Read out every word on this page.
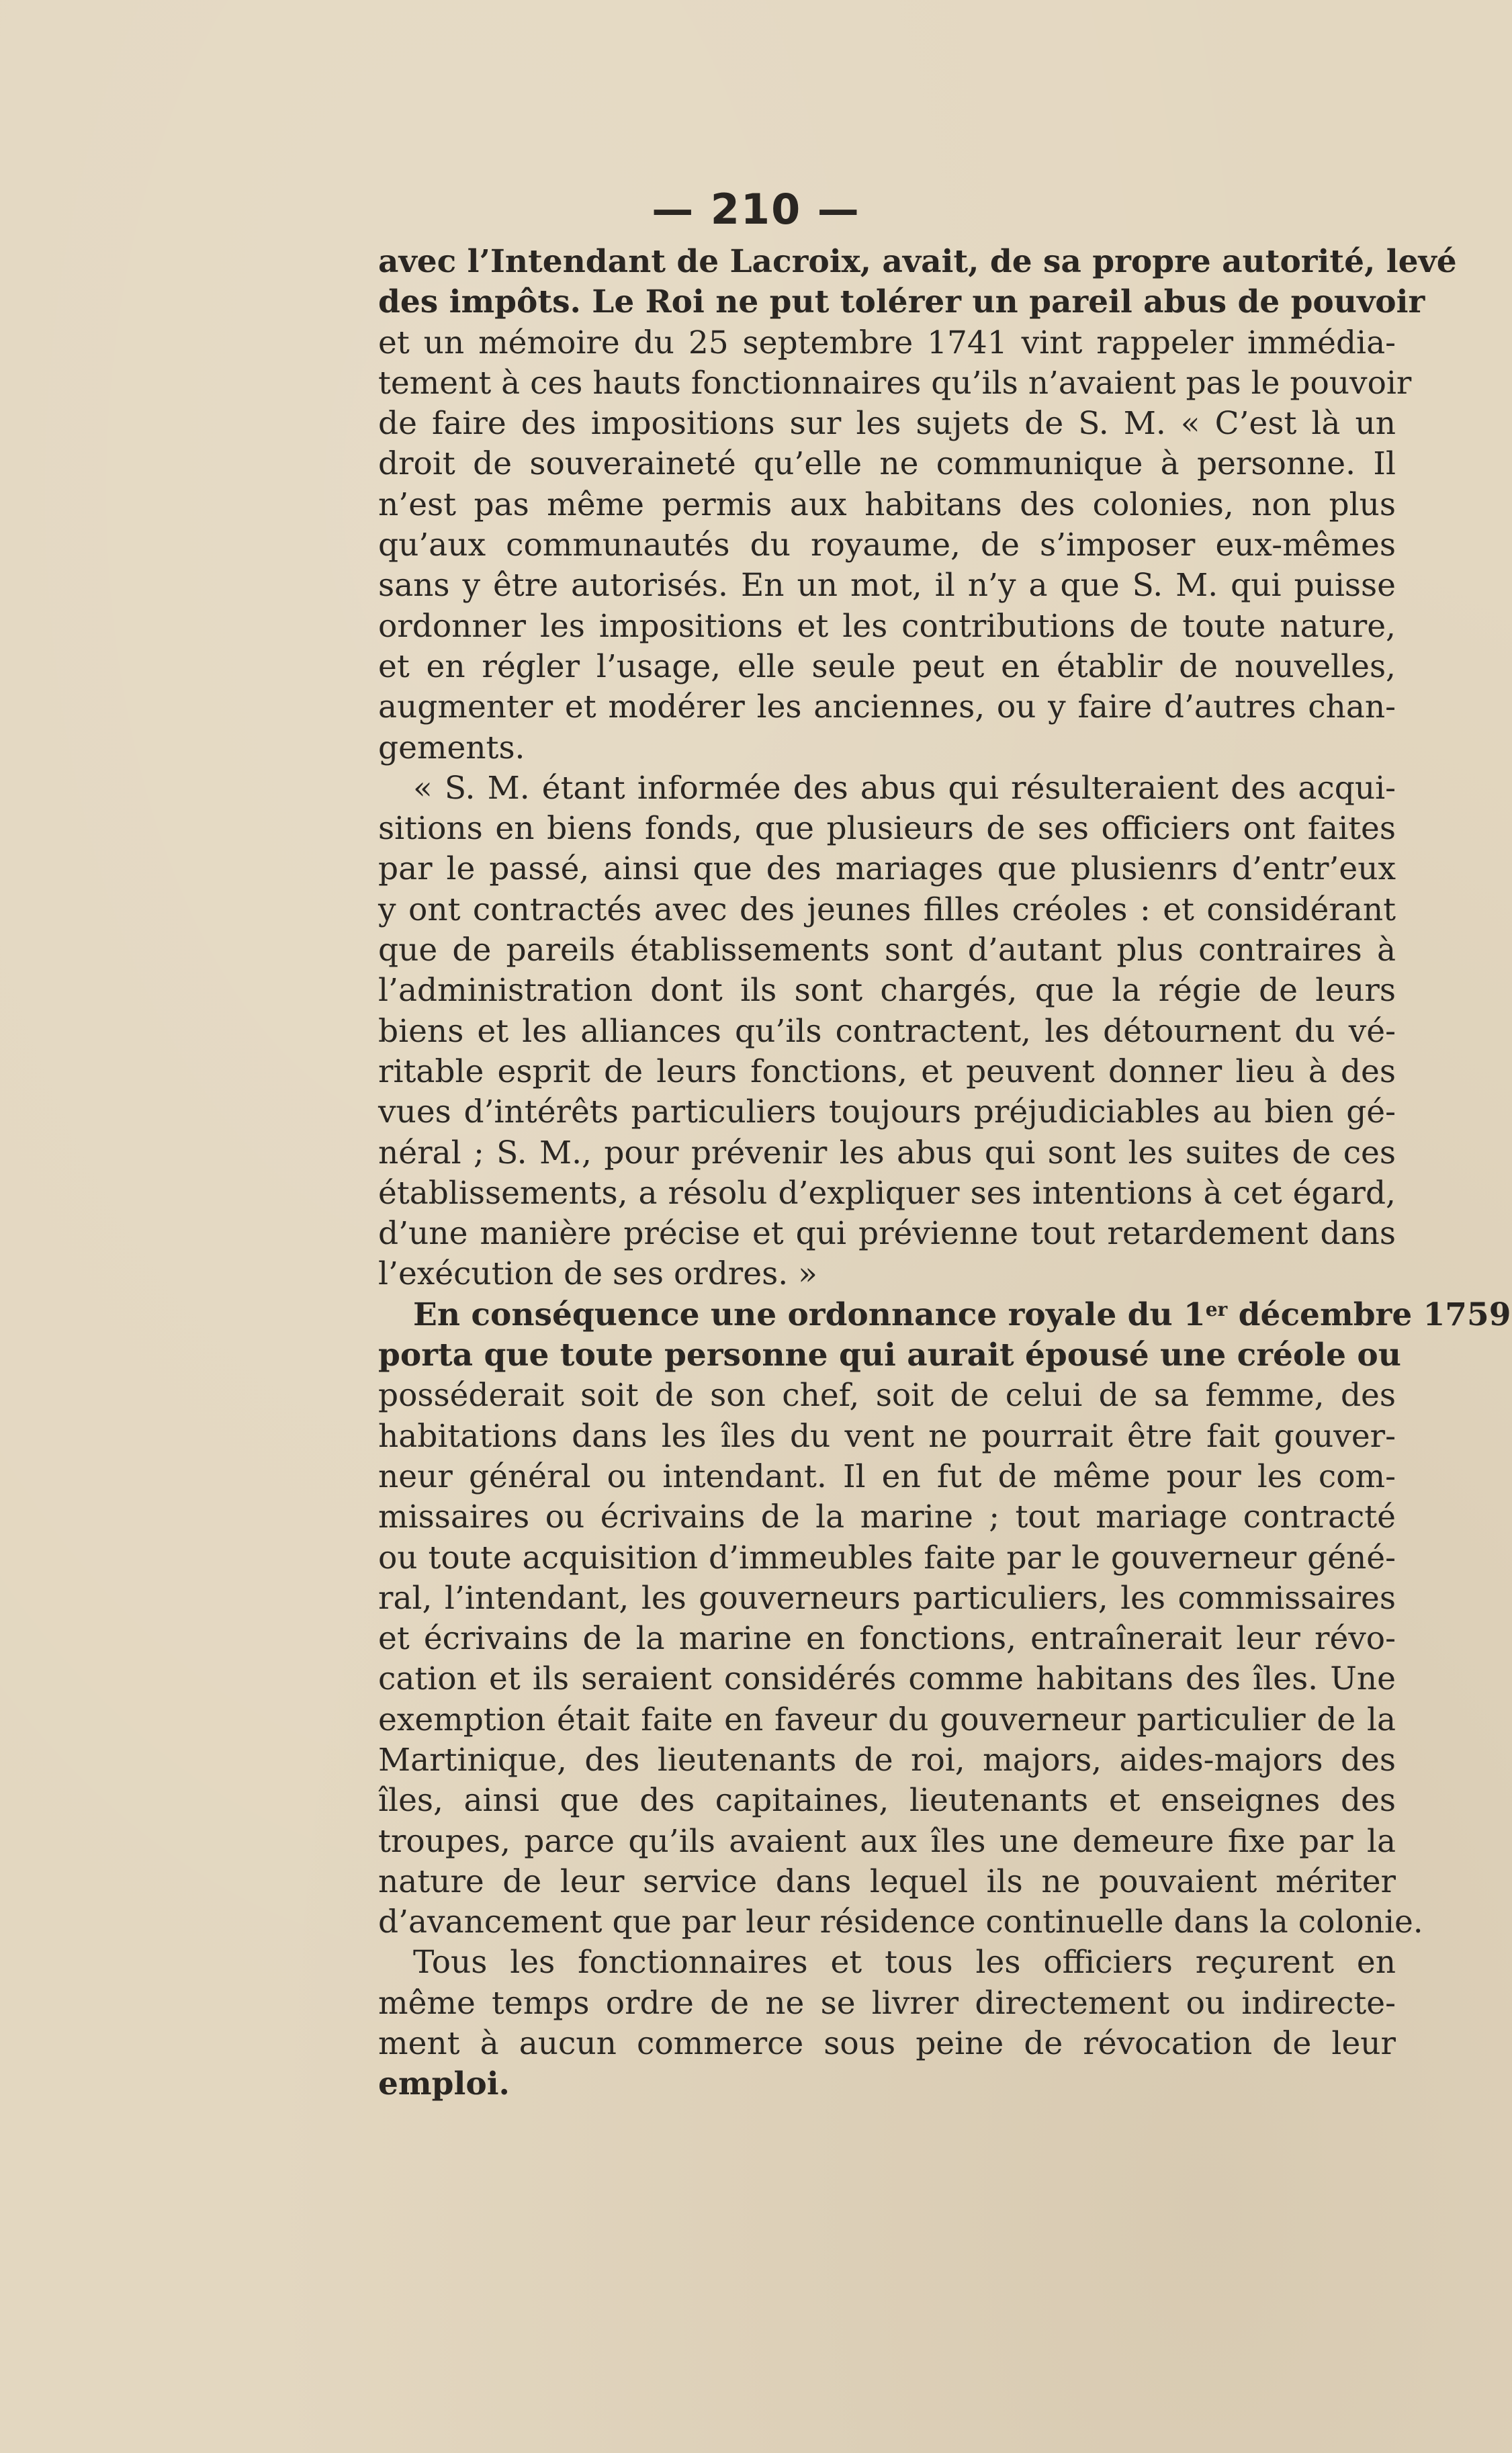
— 210 —
avec l’Intendant de Lacroix, avait, de sa propre autorité, levé
des impôts. Le Roi ne put tolérer un pareil abus de pouvoir
et un mémoire du 25 septembre 1741 vint rappeler immédia-
tement à ces hauts fonctionnaires qu’ils n’avaient pas le pouvoir
de faire des impositions sur les sujets de S. M. « C’est là un
droit de souveraineté qu’elle ne communique à personne. Il
n’est pas même permis aux habitans des colonies, non plus
qu’aux communautés du royaume, de s’imposer eux-mêmes
sans y être autorisés. En un mot, il n’y a que S. M. qui puisse
ordonner les impositions et les contributions de toute nature,
et en régler l’usage, elle seule peut en établir de nouvelles,
augmenter et modérer les anciennes, ou y faire d’autres chan-
gements.
« S. M. étant informée des abus qui résulteraient des acqui-
sitions en biens fonds, que plusieurs de ses officiers ont faites
par le passé, ainsi que des mariages que plusienrs d’entr’eux
y ont contractés avec des jeunes filles créoles : et considérant
que de pareils établissements sont d’autant plus contraires à
l’administration dont ils sont chargés, que la régie de leurs
biens et les alliances qu’ils contractent, les détournent du vé-
ritable esprit de leurs fonctions, et peuvent donner lieu à des
vues d’intérêts particuliers toujours préjudiciables au bien gé-
néral ; S. M., pour prévenir les abus qui sont les suites de ces
établissements, a résolu d’expliquer ses intentions à cet égard,
d’une manière précise et qui prévienne tout retardement dans
l’exécution de ses ordres. »
En conséquence une ordonnance royale du 1er décembre 1759
porta que toute personne qui aurait épousé une créole ou
posséderait soit de son chef, soit de celui de sa femme, des
habitations dans les îles du vent ne pourrait être fait gouver-
neur général ou intendant. Il en fut de même pour les com-
missaires ou écrivains de la marine ; tout mariage contracté
ou toute acquisition d’immeubles faite par le gouverneur géné-
ral, l’intendant, les gouverneurs particuliers, les commissaires
et écrivains de la marine en fonctions, entraînerait leur révo-
cation et ils seraient considérés comme habitans des îles. Une
exemption était faite en faveur du gouverneur particulier de la
Martinique, des lieutenants de roi, majors, aides-majors des
îles, ainsi que des capitaines, lieutenants et enseignes des
troupes, parce qu’ils avaient aux îles une demeure fixe par la
nature de leur service dans lequel ils ne pouvaient mériter
d’avancement que par leur résidence continuelle dans la colonie.
Tous les fonctionnaires et tous les officiers reçurent en
même temps ordre de ne se livrer directement ou indirecte-
ment à aucun commerce sous peine de révocation de leur
emploi.
